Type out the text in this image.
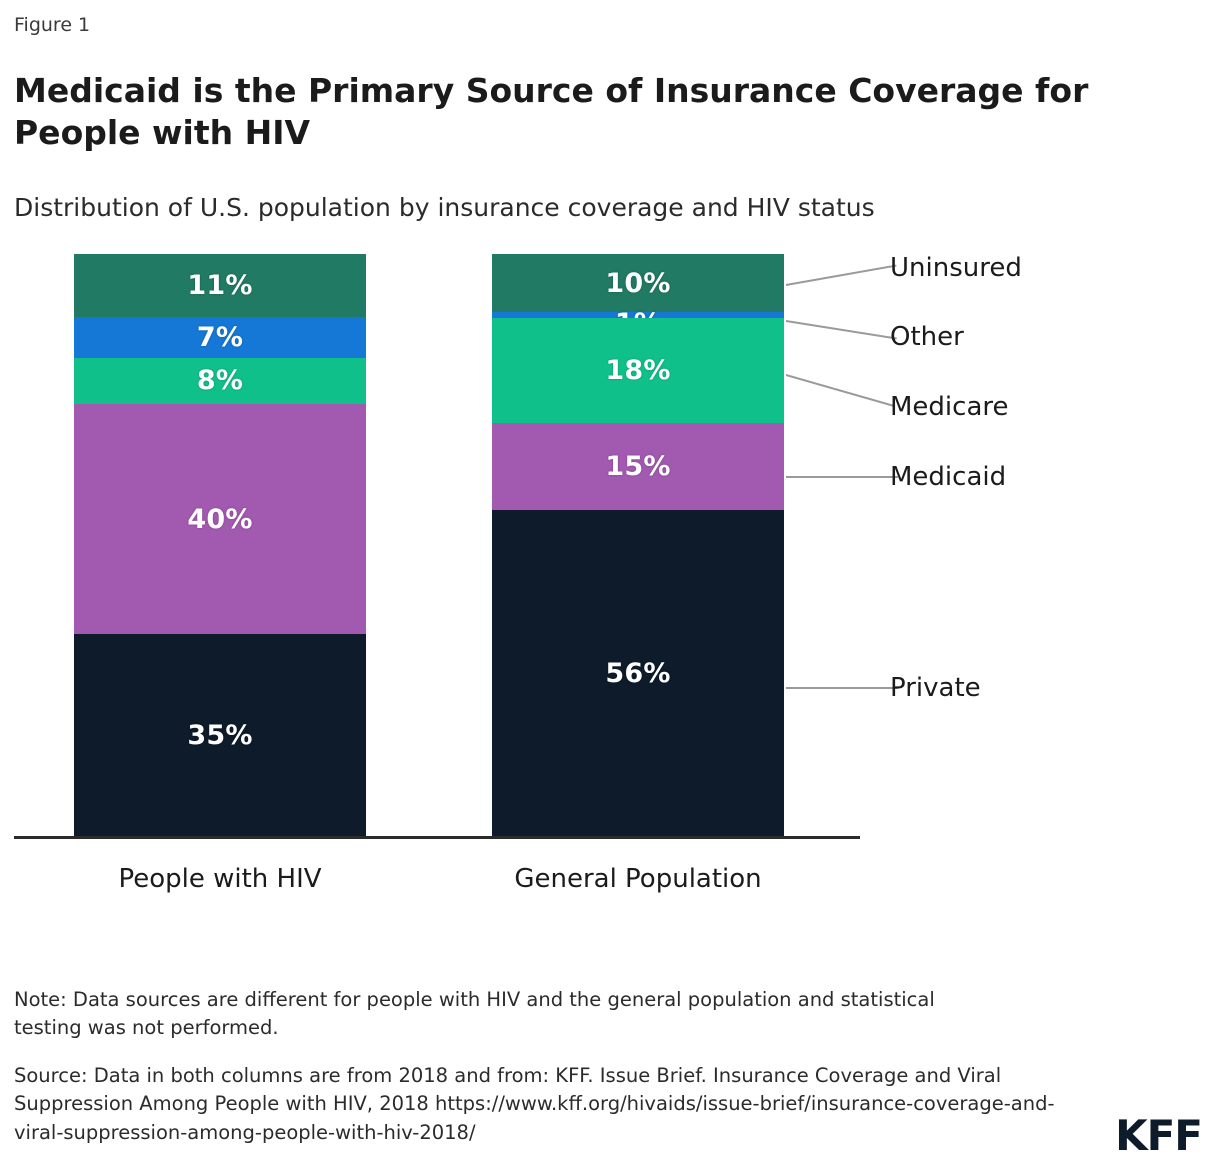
Figure 1
Medicaid is the Primary Source of Insurance Coverage for People with HIV
Distribution of U.S. population by insurance coverage and HIV status
11%
7%
8%
40%
35%
10%
18%
15%
56%
People with HIV	General Population
Uninsured
Other
Medicare
Medicaid
Private
Note: Data sources are different for people with HIV and the general population and statistical testing was not performed.
Source: Data in both columns are from 2018 and from: KFF. Issue Brief. Insurance Coverage and Viral Suppression Among People with HIV, 2018 https://www.kff.org/hivaids/issue-brief/insurance-coverage-and-viral-suppression-among-people-with-hiv-2018/	KFF
